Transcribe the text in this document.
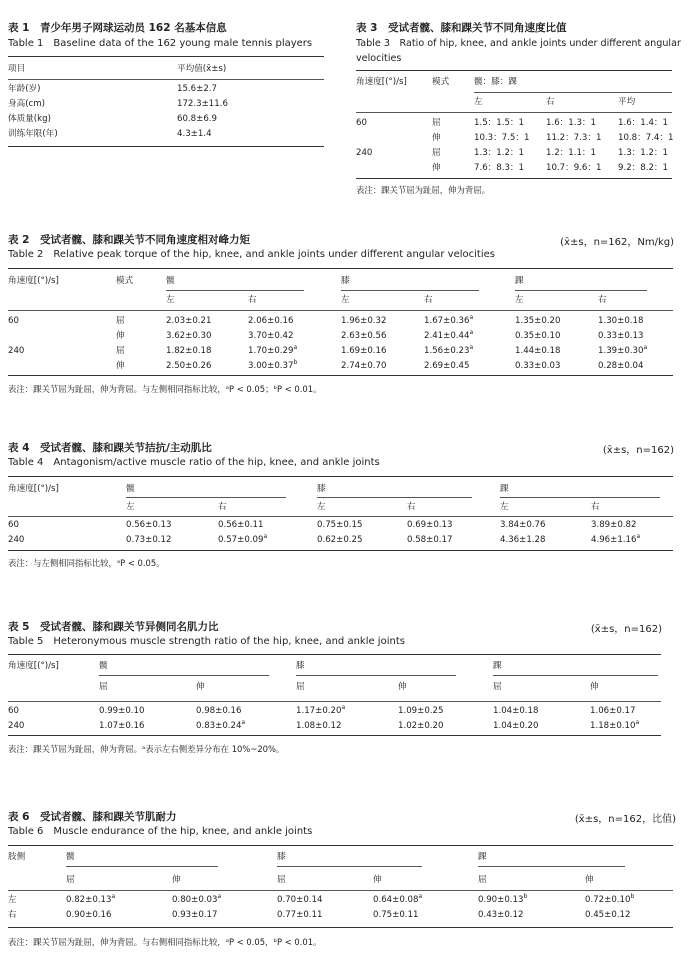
表 1　青少年男子网球运动员 162 名基本信息
Table 1　Baseline data of the 162 young male tennis players
项目	平均值(x̄±s)
年龄(岁)	15.6±2.7
身高(cm)	172.3±11.6
体质量(kg)	60.8±6.9
训练年限(年)	4.3±1.4
表 3　受试者髋、膝和踝关节不同角速度比值
Table 3　Ratio of hip, knee, and ankle joints under different angular
velocities
角速度[(°)/s]	模式	髋：膝：踝
左	右	平均
60	屈	1.5：1.5：1	1.6：1.3：1	1.6：1.4：1
伸	10.3：7.5：1 11.2：7.3：1 10.8：7.4：1
240	屈	1.3：1.2：1	1.2：1.1：1	1.3：1.2：1
伸	7.6：8.3：1	10.7：9.6：1 9.2：8.2：1
表注：踝关节屈为趾屈，伸为背屈。
表 2　受试者髋、膝和踝关节不同角速度相对峰力矩	(x̄±s，n=162，Nm/kg)
Table 2　Relative peak torque of the hip, knee, and ankle joints under different angular velocities
角速度[(°)/s]	模式	髋	膝	踝
左	右	左	右	左	右
60	屈	2.03±0.21	2.06±0.16	1.96±0.32	1.67±0.36$^a$	1.35±0.20	1.30±0.18
伸	3.62±0.30	3.70±0.42	2.63±0.56	2.41±0.44$^a$	0.35±0.10	0.33±0.13
240	屈	1.82±0.18	1.70±0.29$^a$	1.69±0.16	1.56±0.23$^a$	1.44±0.18	1.39±0.30$^a$
伸	2.50±0.26	3.00±0.37$^b$	2.74±0.70	2.69±0.45	0.33±0.03	0.28±0.04
表注：踝关节屈为趾屈，伸为背屈。与左侧相同指标比较，ᵃP < 0.05；ᵇP < 0.01。
表 4　受试者髋、膝和踝关节拮抗/主动肌比	(x̄±s，n=162)
Table 4　Antagonism/active muscle ratio of the hip, knee, and ankle joints
角速度[(°)/s]	髋	膝	踝
左	右	左	右	左	右
60	0.56±0.13	0.56±0.11	0.75±0.15	0.69±0.13	3.84±0.76	3.89±0.82
240	0.73±0.12	0.57±0.09$^a$	0.62±0.25	0.58±0.17	4.36±1.28	4.96±1.16$^a$
表注：与左侧相同指标比较，ᵃP < 0.05。
表 5　受试者髋、膝和踝关节异侧同名肌力比	(x̄±s，n=162)
Table 5　Heteronymous muscle strength ratio of the hip, knee, and ankle joints
角速度[(°)/s]	髋	膝	踝
屈	伸	屈	伸	屈	伸
60	0.99±0.10	0.98±0.16	1.17±0.20$^a$	1.09±0.25	1.04±0.18	1.06±0.17
240	1.07±0.16	0.83±0.24$^a$	1.08±0.12	1.02±0.20	1.04±0.20	1.18±0.10$^a$
表注：踝关节屈为趾屈，伸为背屈。ᵃ表示左右侧差异分布在 10%~20%。
表 6　受试者髋、膝和踝关节肌耐力	(x̄±s，n=162，比值)
Table 6　Muscle endurance of the hip, knee, and ankle joints
肢侧	髋	膝	踝
屈	伸	屈	伸	屈	伸
左	0.82±0.13$^a$	0.80±0.03$^a$	0.70±0.14	0.64±0.08$^a$	0.90±0.13$^b$	0.72±0.10$^b$
右	0.90±0.16	0.93±0.17	0.77±0.11	0.75±0.11	0.43±0.12	0.45±0.12
表注：踝关节屈为趾屈，伸为背屈。与右侧相同指标比较，ᵃP < 0.05，ᵇP < 0.01。
